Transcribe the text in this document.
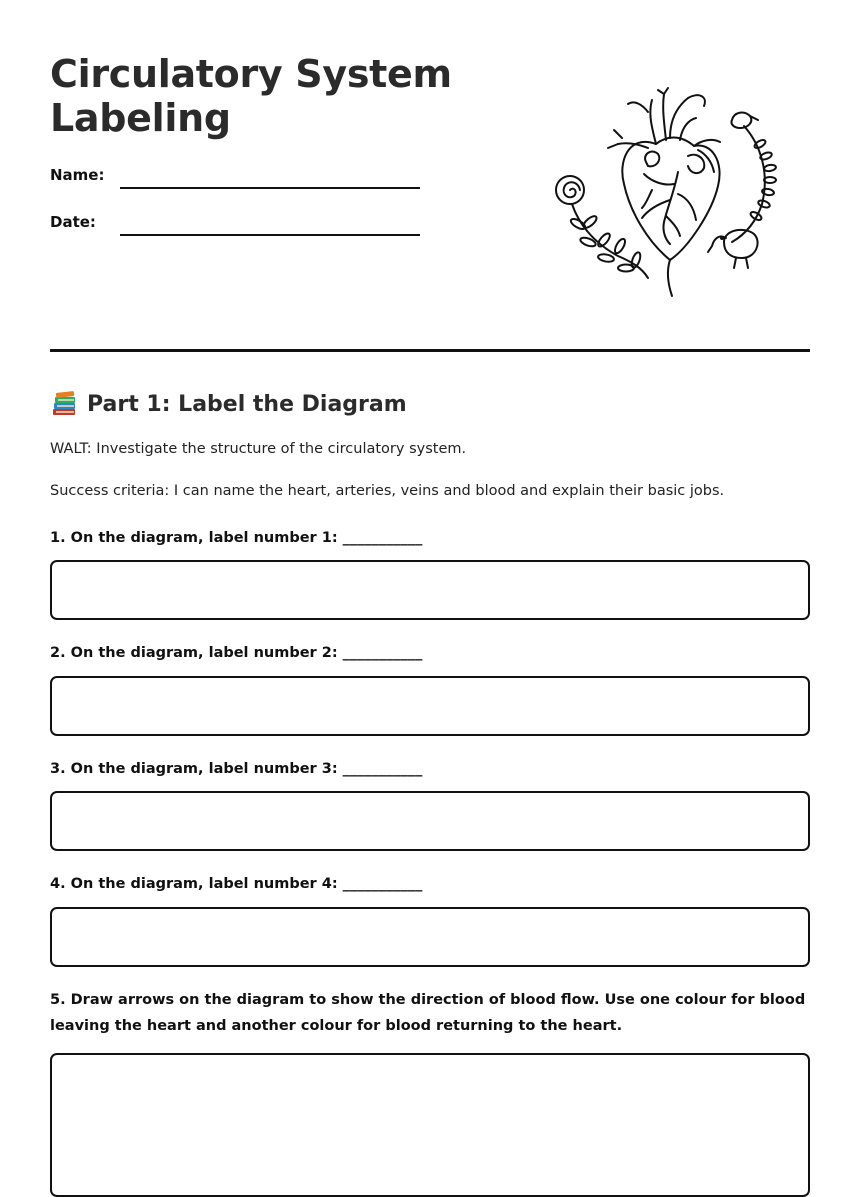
Circulatory System Labeling
Name:
Date:
Part 1: Label the Diagram

WALT: Investigate the structure of the circulatory system.

Success criteria: I can name the heart, arteries, veins and blood and explain their basic jobs.

1. On the diagram, label number 1: ___________

2. On the diagram, label number 2: ___________

3. On the diagram, label number 3: ___________

4. On the diagram, label number 4: ___________

5. Draw arrows on the diagram to show the direction of blood flow. Use one colour for blood leaving the heart and another colour for blood returning to the heart.
